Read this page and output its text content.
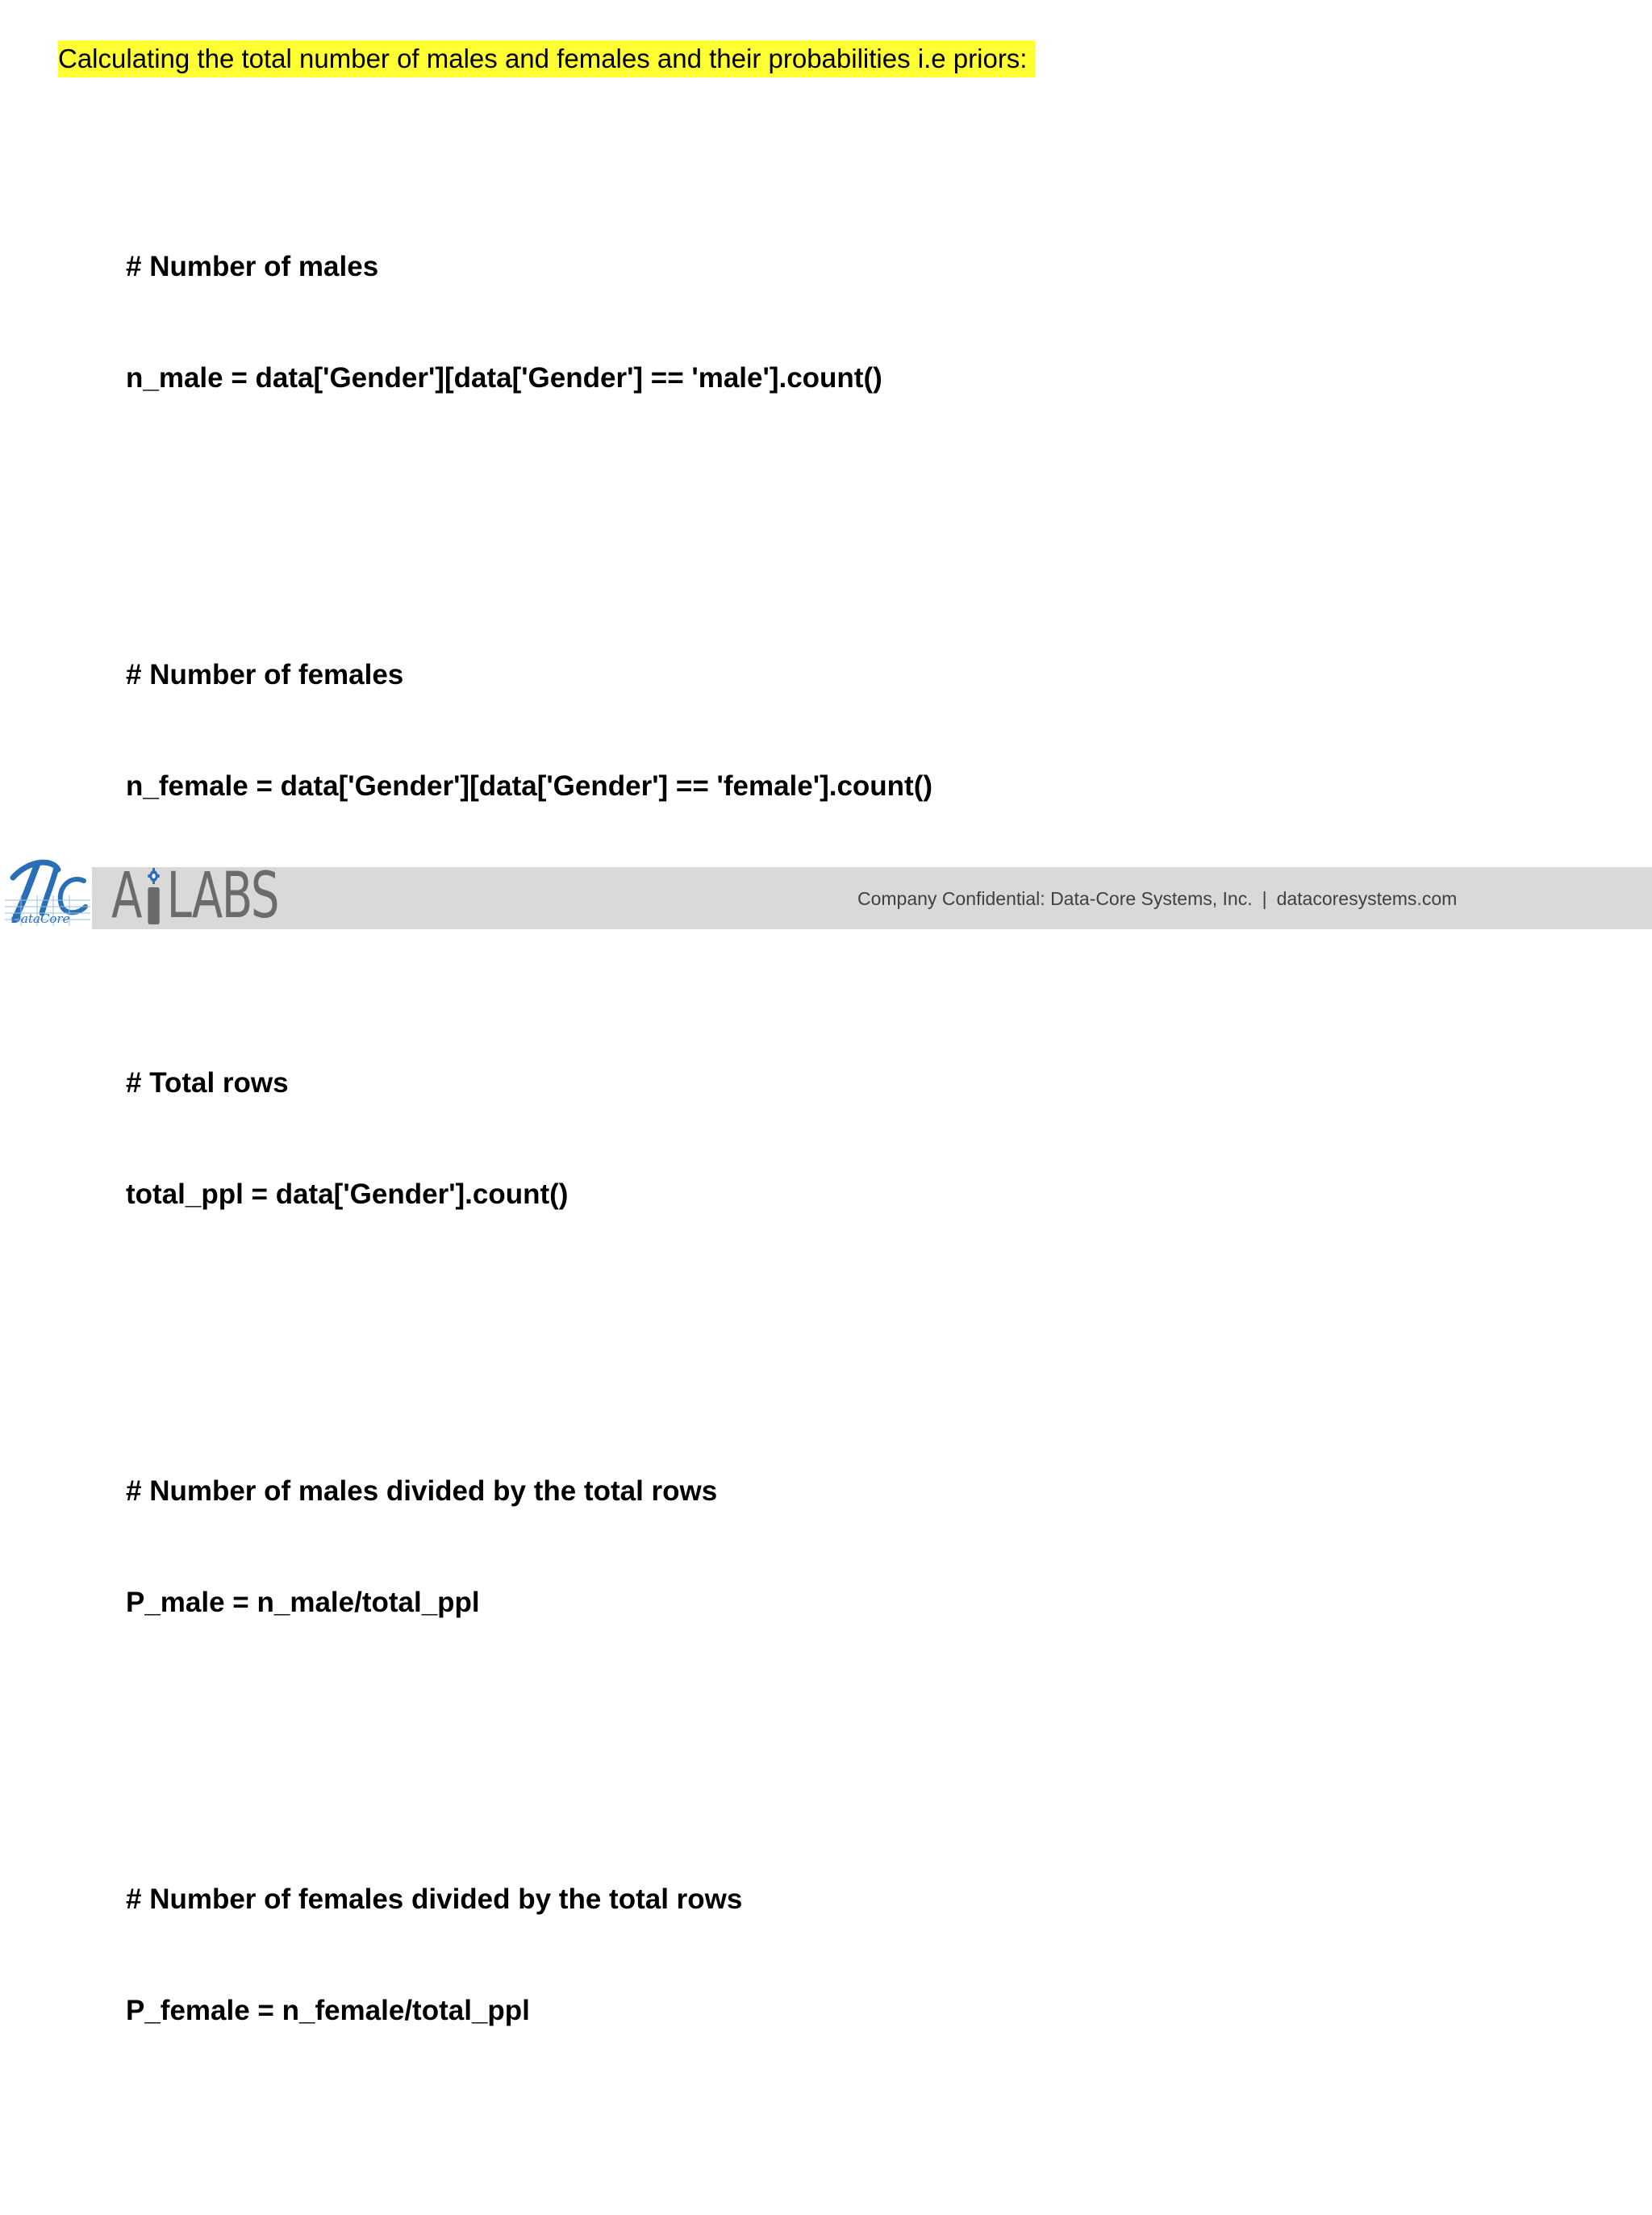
Calculating the total number of males and females and their probabilities i.e priors:

# Number of males

n_male = data['Gender'][data['Gender'] == 'male'].count()

# Number of females

n_female = data['Gender'][data['Gender'] == 'female'].count()

# Total rows

total_ppl = data['Gender'].count()

# Number of males divided by the total rows

P_male = n_male/total_ppl

# Number of females divided by the total rows

P_female = n_female/total_ppl

DataCore A LABS	Company Confidential: Data-Core Systems, Inc. | datacoresystems.com
